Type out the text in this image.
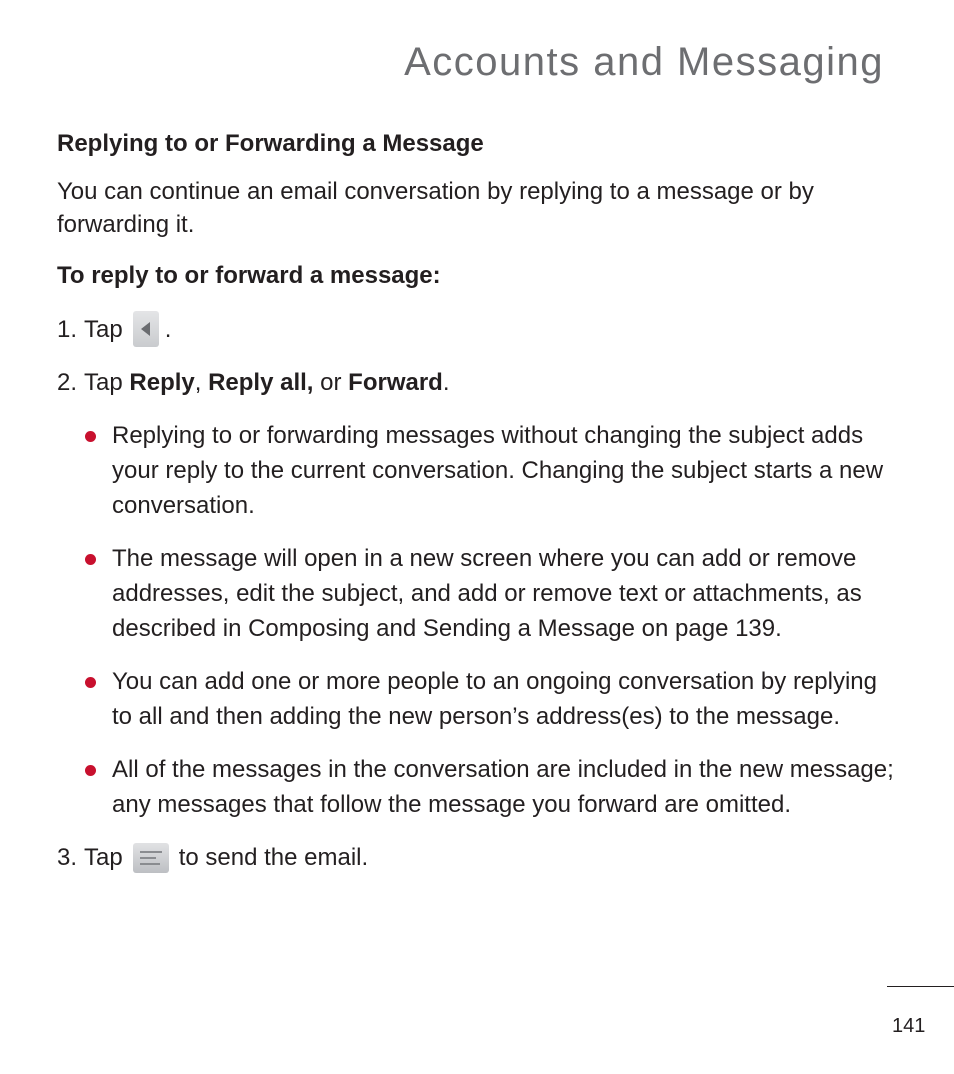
Accounts and Messaging
Replying to or Forwarding a Message

You can continue an email conversation by replying to a message or by forwarding it.

To reply to or forward a message:

1. Tap .
2. Tap Reply, Reply all, or Forward.
Replying to or forwarding messages without changing the subject adds your reply to the current conversation. Changing the subject starts a new conversation.
The message will open in a new screen where you can add or remove addresses, edit the subject, and add or remove text or attachments, as described in Composing and Sending a Message on page 139.
You can add one or more people to an ongoing conversation by replying to all and then adding the new person’s address(es) to the message.
All of the messages in the conversation are included in the new message; any messages that follow the message you forward are omitted.
3. Tap to send the email.
141
